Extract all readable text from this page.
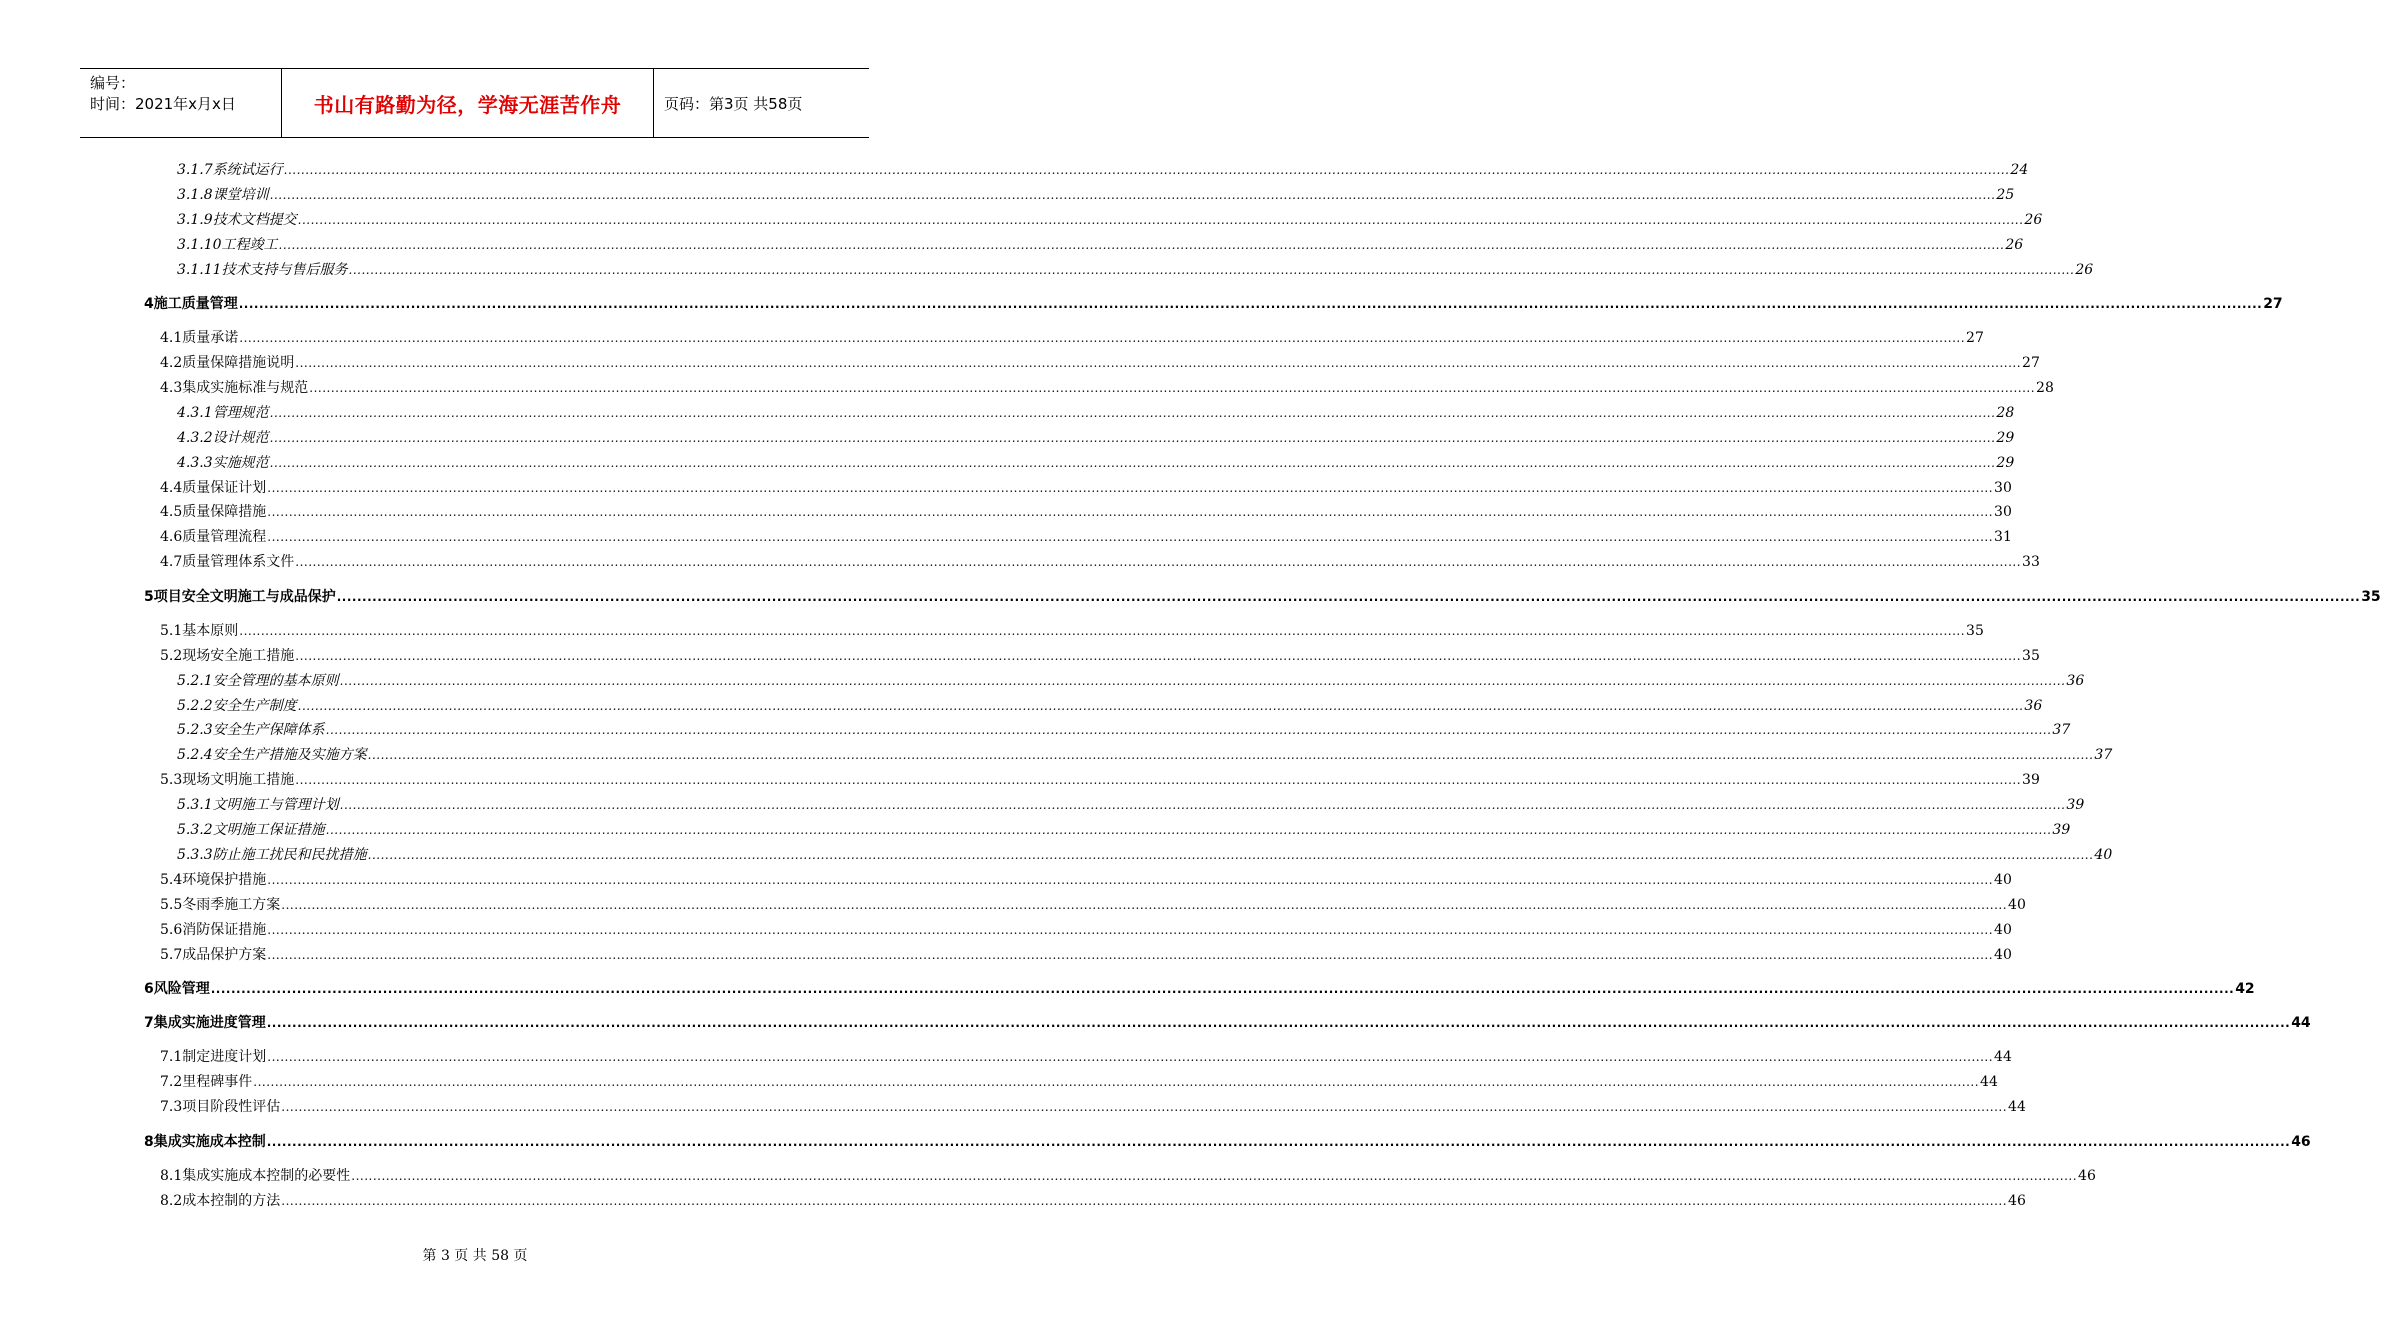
编号：
时间：2021年x月x日	书山有路勤为径，学海无涯苦作舟	页码：第3页 共58页
3.1.7 系统试运行 ................................................................................................................................................................................................................................................................................................................................................................................................................ 24
3.1.8 课堂培训 ................................................................................................................................................................................................................................................................................................................................................................................................................ 25
3.1.9 技术文档提交 ................................................................................................................................................................................................................................................................................................................................................................................................................ 26
3.1.10 工程竣工 ................................................................................................................................................................................................................................................................................................................................................................................................................ 26
3.1.11 技术支持与售后服务 ................................................................................................................................................................................................................................................................................................................................................................................................................ 26
4 施工质量管理 ................................................................................................................................................................................................................................................................................................................................................................................................................ 27
4.1 质量承诺 ................................................................................................................................................................................................................................................................................................................................................................................................................ 27
4.2 质量保障措施说明 ................................................................................................................................................................................................................................................................................................................................................................................................................ 27
4.3 集成实施标准与规范 ................................................................................................................................................................................................................................................................................................................................................................................................................ 28
4.3.1 管理规范 ................................................................................................................................................................................................................................................................................................................................................................................................................ 28
4.3.2 设计规范 ................................................................................................................................................................................................................................................................................................................................................................................................................ 29
4.3.3 实施规范 ................................................................................................................................................................................................................................................................................................................................................................................................................ 29
4.4 质量保证计划 ................................................................................................................................................................................................................................................................................................................................................................................................................ 30
4.5 质量保障措施 ................................................................................................................................................................................................................................................................................................................................................................................................................ 30
4.6 质量管理流程 ................................................................................................................................................................................................................................................................................................................................................................................................................ 31
4.7 质量管理体系文件 ................................................................................................................................................................................................................................................................................................................................................................................................................ 33
5 项目安全文明施工与成品保护 ................................................................................................................................................................................................................................................................................................................................................................................................................ 35
5.1 基本原则 ................................................................................................................................................................................................................................................................................................................................................................................................................ 35
5.2 现场安全施工措施 ................................................................................................................................................................................................................................................................................................................................................................................................................ 35
5.2.1 安全管理的基本原则 ................................................................................................................................................................................................................................................................................................................................................................................................................ 36
5.2.2 安全生产制度 ................................................................................................................................................................................................................................................................................................................................................................................................................ 36
5.2.3 安全生产保障体系 ................................................................................................................................................................................................................................................................................................................................................................................................................ 37
5.2.4 安全生产措施及实施方案 ................................................................................................................................................................................................................................................................................................................................................................................................................ 37
5.3 现场文明施工措施 ................................................................................................................................................................................................................................................................................................................................................................................................................ 39
5.3.1 文明施工与管理计划 ................................................................................................................................................................................................................................................................................................................................................................................................................ 39
5.3.2 文明施工保证措施 ................................................................................................................................................................................................................................................................................................................................................................................................................ 39
5.3.3 防止施工扰民和民扰措施 ................................................................................................................................................................................................................................................................................................................................................................................................................ 40
5.4 环境保护措施 ................................................................................................................................................................................................................................................................................................................................................................................................................ 40
5.5 冬雨季施工方案 ................................................................................................................................................................................................................................................................................................................................................................................................................ 40
5.6 消防保证措施 ................................................................................................................................................................................................................................................................................................................................................................................................................ 40
5.7 成品保护方案 ................................................................................................................................................................................................................................................................................................................................................................................................................ 40
6 风险管理 ................................................................................................................................................................................................................................................................................................................................................................................................................ 42
7 集成实施进度管理 ................................................................................................................................................................................................................................................................................................................................................................................................................ 44
7.1 制定进度计划 ................................................................................................................................................................................................................................................................................................................................................................................................................ 44
7.2 里程碑事件 ................................................................................................................................................................................................................................................................................................................................................................................................................ 44
7.3 项目阶段性评估 ................................................................................................................................................................................................................................................................................................................................................................................................................ 44
8 集成实施成本控制 ................................................................................................................................................................................................................................................................................................................................................................................................................ 46
8.1 集成实施成本控制的必要性 ................................................................................................................................................................................................................................................................................................................................................................................................................ 46
8.2 成本控制的方法 ................................................................................................................................................................................................................................................................................................................................................................................................................ 46
第 3 页 共 58 页
